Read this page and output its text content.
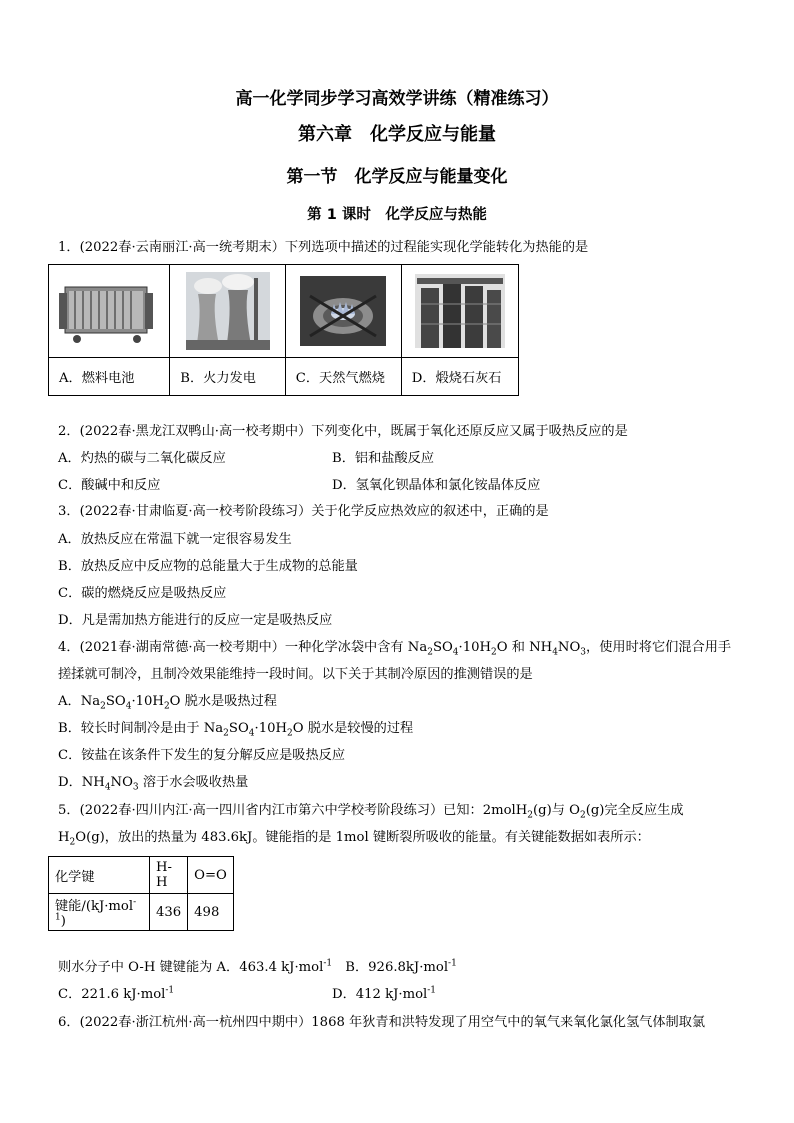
高一化学同步学习高效学讲练（精准练习）
第六章　化学反应与能量
第一节　化学反应与能量变化
第 1 课时　化学反应与热能
1．(2022春·云南丽江·高一统考期末）下列选项中描述的过程能实现化学能转化为热能的是

A．燃料电池	B．火力发电	C．天然气燃烧	D．煅烧石灰石
2．(2022春·黑龙江双鸭山·高一校考期中）下列变化中，既属于氧化还原反应又属于吸热反应的是
A．灼热的碳与二氧化碳反应	B．铝和盐酸反应
C．酸碱中和反应	D．氢氧化钡晶体和氯化铵晶体反应
3．(2022春·甘肃临夏·高一校考阶段练习）关于化学反应热效应的叙述中，正确的是
A．放热反应在常温下就一定很容易发生
B．放热反应中反应物的总能量大于生成物的总能量
C．碳的燃烧反应是吸热反应
D．凡是需加热方能进行的反应一定是吸热反应
4．(2021春·湖南常德·高一校考期中）一种化学冰袋中含有 $Na_2SO_4\cdot 10H_2O$ 和 $NH_4NO_3$，使用时将它们混合用手
搓揉就可制冷，且制冷效果能维持一段时间。以下关于其制冷原因的推测错误的是
A．$Na_2SO_4\cdot 10H_2O$ 脱水是吸热过程
B．较长时间制冷是由于 $Na_2SO_4\cdot 10H_2O$ 脱水是较慢的过程
C．铵盐在该条件下发生的复分解反应是吸热反应
D．$NH_4NO_3$ 溶于水会吸收热量
5．(2022春·四川内江·高一四川省内江市第六中学校考阶段练习）已知：2molH$_2$(g)与 $O_2(g)$完全反应生成
$H_2O(g)$，放出的热量为 483.6kJ。键能指的是 1mol 键断裂所吸收的能量。有关键能数据如表所示：
化学键	H-H	O=O
键能/(kJ·mol$^{-1}$)	436	498
则水分子中 O-H 键键能为 A．463.4 kJ·mol$^{-1}$　 B．926.8kJ·mol$^{-1}$
C．221.6 kJ·mol$^{-1}$	D．412 kJ·mol$^{-1}$
6．(2022春·浙江杭州·高一杭州四中期中）1868 年狄青和洪特发现了用空气中的氧气来氧化氯化氢气体制取氯
